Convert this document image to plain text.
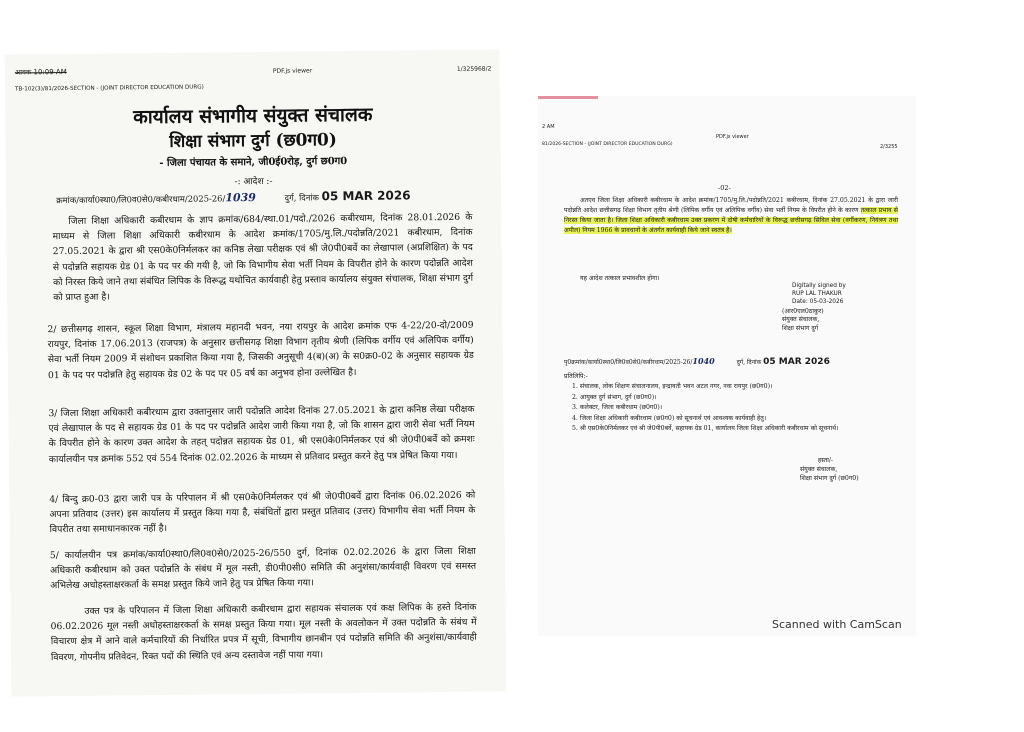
आवक 10:09 AM	PDF.js viewer	1/325968/2
TB-102(3)/81/2026-SECTION - (JOINT DIRECTOR EDUCATION DURG)
कार्यालय संभागीय संयुक्त संचालक
शिक्षा संभाग दुर्ग (छ0ग0)
- जिला पंचायत के समाने, जी0ई0रोड़, दुर्ग छ0ग0
-: आदेश :-
क्रमांक/कार्या0स्था0/लि0व0से0/कबीरधाम/2025-26/1039	दुर्ग, दिनांक 05 MAR 2026

जिला शिक्षा अधिकारी कबीरधाम के ज्ञाप क्रमांक/684/स्था.01/पदो./2026 कबीरधाम, दिनांक 28.01.2026 के माध्यम से जिला शिक्षा अधिकारी कबीरधाम के आदेश क्रमांक/1705/मु.लि./पदोन्नति/2021 कबीरधाम, दिनांक 27.05.2021 के द्वारा श्री एस0के0निर्मलकर का कनिष्ठ लेखा परीक्षक एवं श्री जे0पी0बर्वे का लेखापाल (अप्रशिक्षित) के पद से पदोन्नति सहायक ग्रेड 01 के पद पर की गयी है, जो कि विभागीय सेवा भर्ती नियम के विपरीत होने के कारण पदोन्नति आदेश को निरस्त किये जाने तथा संबंधित लिपिक के विरूद्ध यथोचित कार्यवाही हेतु प्रस्ताव कार्यालय संयुक्त संचालक, शिक्षा संभाग दुर्ग को प्राप्त हुआ है।

2/ छत्तीसगढ़ शासन, स्कूल शिक्षा विभाग, मंत्रालय महानदी भवन, नया रायपुर के आदेश क्रमांक एफ 4-22/20-दो/2009 रायपुर, दिनांक 17.06.2013 (राजपत्र) के अनुसार छत्तीसगढ़ शिक्षा विभाग तृतीय श्रेणी (लिपिक वर्गीय एवं अलिपिक वर्गीय) सेवा भर्ती नियम 2009 में संशोधन प्रकाशित किया गया है, जिसकी अनुसूची 4(ब)(अ) के स0क्र0-02 के अनुसार सहायक ग्रेड 01 के पद पर पदोन्नति हेतु सहायक ग्रेड 02 के पद पर 05 वर्ष का अनुभव होना उल्लेखित है।

3/ जिला शिक्षा अधिकारी कबीरधाम द्वारा उक्तानुसार जारी पदोन्नति आदेश दिनांक 27.05.2021 के द्वारा कनिष्ठ लेखा परीक्षक एवं लेखापाल के पद से सहायक ग्रेड 01 के पद पर पदोन्नति आदेश जारी किया गया है, जो कि शासन द्वारा जारी सेवा भर्ती नियम के विपरीत होने के कारण उक्त आदेश के तहत् पदोन्नत सहायक ग्रेड 01, श्री एस0के0निर्मलकर एवं श्री जे0पी0बर्वे को क्रमशः कार्यालयीन पत्र क्रमांक 552 एवं 554 दिनांक 02.02.2026 के माध्यम से प्रतिवाद प्रस्तुत करने हेतु पत्र प्रेषित किया गया।

4/ बिन्दु क्र0-03 द्वारा जारी पत्र के परिपालन में श्री एस0के0निर्मलकर एवं श्री जे0पी0बर्वे द्वारा दिनांक 06.02.2026 को अपना प्रतिवाद (उत्तर) इस कार्यालय में प्रस्तुत किया गया है, संबंधितों द्वारा प्रस्तुत प्रतिवाद (उत्तर) विभागीय सेवा भर्ती नियम के विपरीत तथा समाधानकारक नहीं है।

5/ कार्यालयीन पत्र क्रमांक/कार्या0स्था0/लि0व0से0/2025-26/550 दुर्ग, दिनांक 02.02.2026 के द्वारा जिला शिक्षा अधिकारी कबीरधाम को उक्त पदोन्नति के संबंध में मूल नस्ती, डी0पी0सी0 समिति की अनुशंसा/कार्यवाही विवरण एवं समस्त अभिलेख अधोहस्ताक्षरकर्ता के समक्ष प्रस्तुत किये जाने हेतु पत्र प्रेषित किया गया।

उक्त पत्र के परिपालन में जिला शिक्षा अधिकारी कबीरधाम द्वारा सहायक संचालक एवं कक्ष लिपिक के हस्ते दिनांक 06.02.2026 मूल नस्ती अधोहस्ताक्षरकर्ता के समक्ष प्रस्तुत किया गया। मूल नस्ती के अवलोकन में उक्त पदोन्नति के संबंध में विचारण क्षेत्र में आने वाले कर्मचारियों की निर्धारित प्रपत्र में सूची, विभागीय छानबीन एवं पदोन्नति समिति की अनुशंसा/कार्यवाही विवरण, गोपनीय प्रतिवेदन, रिक्त पदों की स्थिति एवं अन्य दस्तावेज नहीं पाया गया।

2 AM
PDF.js viewer
2/3255
81/2026-SECTION - (JOINT DIRECTOR EDUCATION DURG)
-02-
अतएव जिला शिक्षा अधिकारी कबीरधाम के आदेश क्रमांक/1705/मु.लि./पदोन्नति/2021 कबीरधाम, दिनांक 27.05.2021 के द्वारा जारी पदोन्नति आदेश छत्तीसगढ़ शिक्षा विभाग तृतीय श्रेणी (लिपिक वर्गीय एवं अलिपिक वर्गीय) सेवा भर्ती नियम के विपरीत होने के कारण तत्काल प्रभाव से निरस्त किया जाता है। जिला शिक्षा अधिकारी कबीरधाम उक्त प्रकरण में दोषी कर्मचारियों के विरूद्ध छत्तीसगढ़ सिविल सेवा (वर्गीकरण, नियंत्रण तथा अपील) नियम 1966 के प्रावधानों के अंतर्गत कार्यवाही किये जाने स्वतंत्र है।
यह आदेश तत्काल प्रभावशील होगा।
Digitally signed by
RUP LAL THAKUR
Date: 05-03-2026
(आर0एल0ठाकुर)
संयुक्त संचालक,
शिक्षा संभाग दुर्ग
पृ0क्रमांक/कार्या0स्था0/लि0व0से0/कबीरधाम/2025-26/1040	दुर्ग, दिनांक 05 MAR 2026
प्रतिलिपि:-
1. संचालक, लोक शिक्षण संचालनालय, इन्द्रावती भवन अटल नगर, नवा रायपुर (छ0ग0)।
2. आयुक्त दुर्ग संभाग, दुर्ग (छ0ग0)।
3. कलेक्टर, जिला कबीरधाम (छ0ग0)।
4. जिला शिक्षा अधिकारी कबीरधाम (छ0ग0) को सूचनार्थ एवं आवश्यक कार्यवाही हेतु।
5. श्री एस0के0निर्मलकर एवं श्री जे0पी0बर्वे, सहायक ग्रेड 01, कार्यालय जिला शिक्षा अधिकारी कबीरधाम को सूचनार्थ।
हस्ता/-
संयुक्त संचालक,
शिक्षा संभाग दुर्ग (छ0ग0)
Scanned with CamScan
